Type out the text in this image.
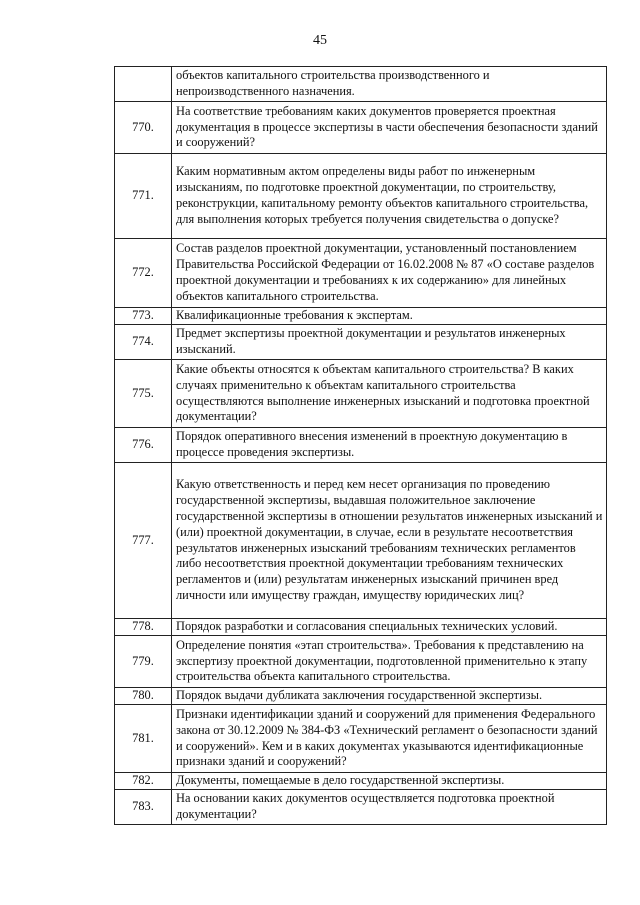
45
	объектов капитального строительства производственного и непроизводственного назначения.
770.	На соответствие требованиям каких документов проверяется проектная документация в процессе экспертизы в части обеспечения безопасности зданий и сооружений?
771.	Каким нормативным актом определены виды работ по инженерным изысканиям, по подготовке проектной документации, по строительству, реконструкции, капитальному ремонту объектов капитального строительства, для выполнения которых требуется получения свидетельства о допуске?
772.	Состав разделов проектной документации, установленный постановлением Правительства Российской Федерации от 16.02.2008 № 87 «О составе разделов проектной документации и требованиях к их содержанию» для линейных объектов капитального строительства.
773.	Квалификационные требования к экспертам.
774.	Предмет экспертизы проектной документации и результатов инженерных изысканий.
775.	Какие объекты относятся к объектам капитального строительства? В каких случаях применительно к объектам капитального строительства осуществляются выполнение инженерных изысканий и подготовка проектной документации?
776.	Порядок оперативного внесения изменений в проектную документацию в процессе проведения экспертизы.
777.	Какую ответственность и перед кем несет организация по проведению государственной экспертизы, выдавшая положительное заключение государственной экспертизы в отношении результатов инженерных изысканий и (или) проектной документации, в случае, если в результате несоответствия результатов инженерных изысканий требованиям технических регламентов либо несоответствия проектной документации требованиям технических регламентов и (или) результатам инженерных изысканий причинен вред личности или имуществу граждан, имуществу юридических лиц?
778.	Порядок разработки и согласования специальных технических условий.
779.	Определение понятия «этап строительства». Требования к представлению на экспертизу проектной документации, подготовленной применительно к этапу строительства объекта капитального строительства.
780.	Порядок выдачи дубликата заключения государственной экспертизы.
781.	Признаки идентификации зданий и сооружений для применения Федерального закона от 30.12.2009 № 384-ФЗ «Технический регламент о безопасности зданий и сооружений». Кем и в каких документах указываются идентификационные признаки зданий и сооружений?
782.	Документы, помещаемые в дело государственной экспертизы.
783.	На основании каких документов осуществляется подготовка проектной документации?
